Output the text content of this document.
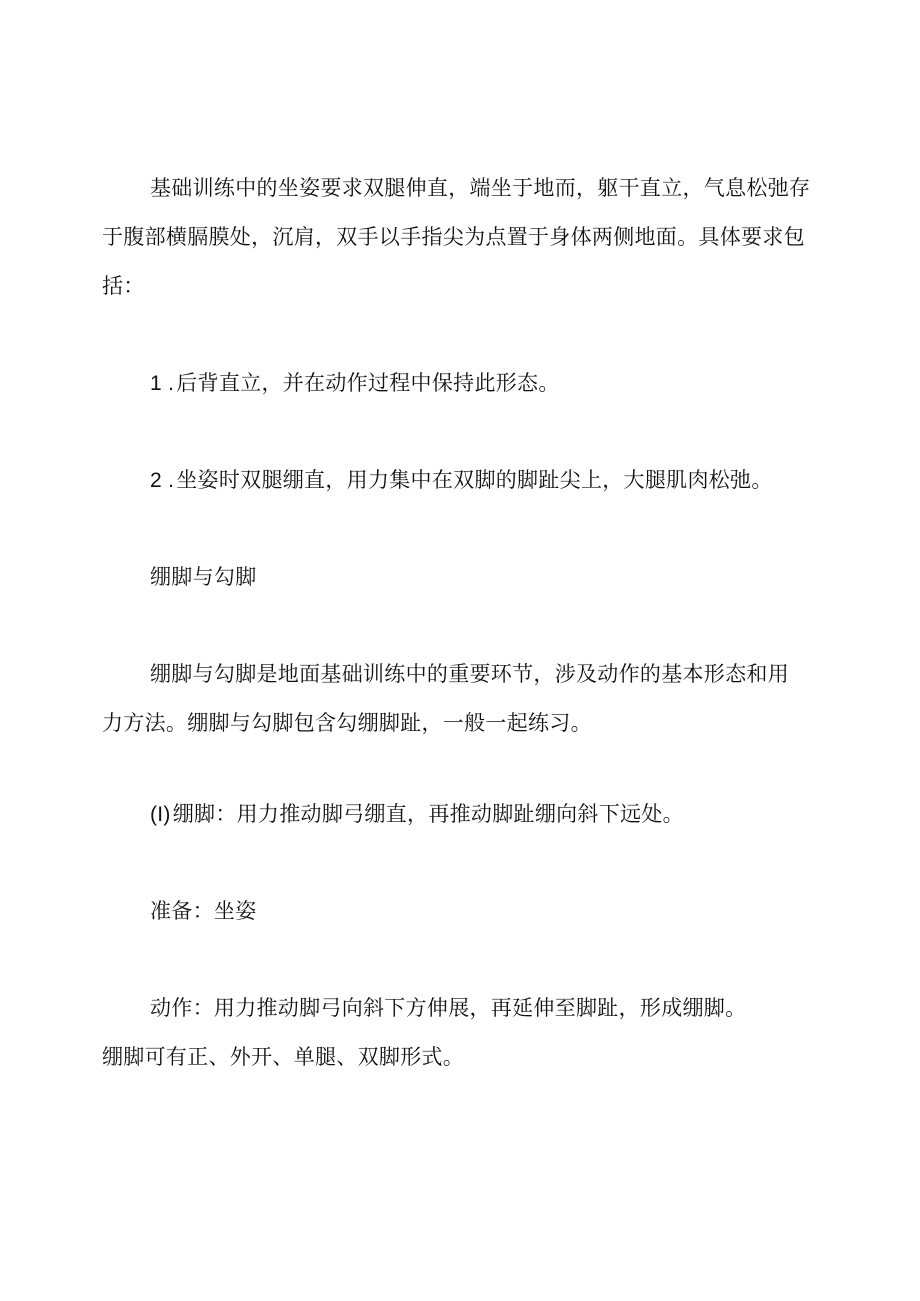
基础训练中的坐姿要求双腿伸直，端坐于地而，躯干直立，气息松弛存

于腹部横膈膜处，沉肩，双手以手指尖为点置于身体两侧地面。具体要求包

括：

1 .后背直立，并在动作过程中保持此形态。

2 .坐姿时双腿绷直，用力集中在双脚的脚趾尖上，大腿肌肉松弛。

绷脚与勾脚

绷脚与勾脚是地面基础训练中的重要环节，涉及动作的基本形态和用

力方法。绷脚与勾脚包含勾绷脚趾，一般一起练习。

(I)绷脚：用力推动脚弓绷直，再推动脚趾绷向斜下远处。

准备：坐姿

动作：用力推动脚弓向斜下方伸展，再延伸至脚趾，形成绷脚。

绷脚可有正、外开、单腿、双脚形式。
